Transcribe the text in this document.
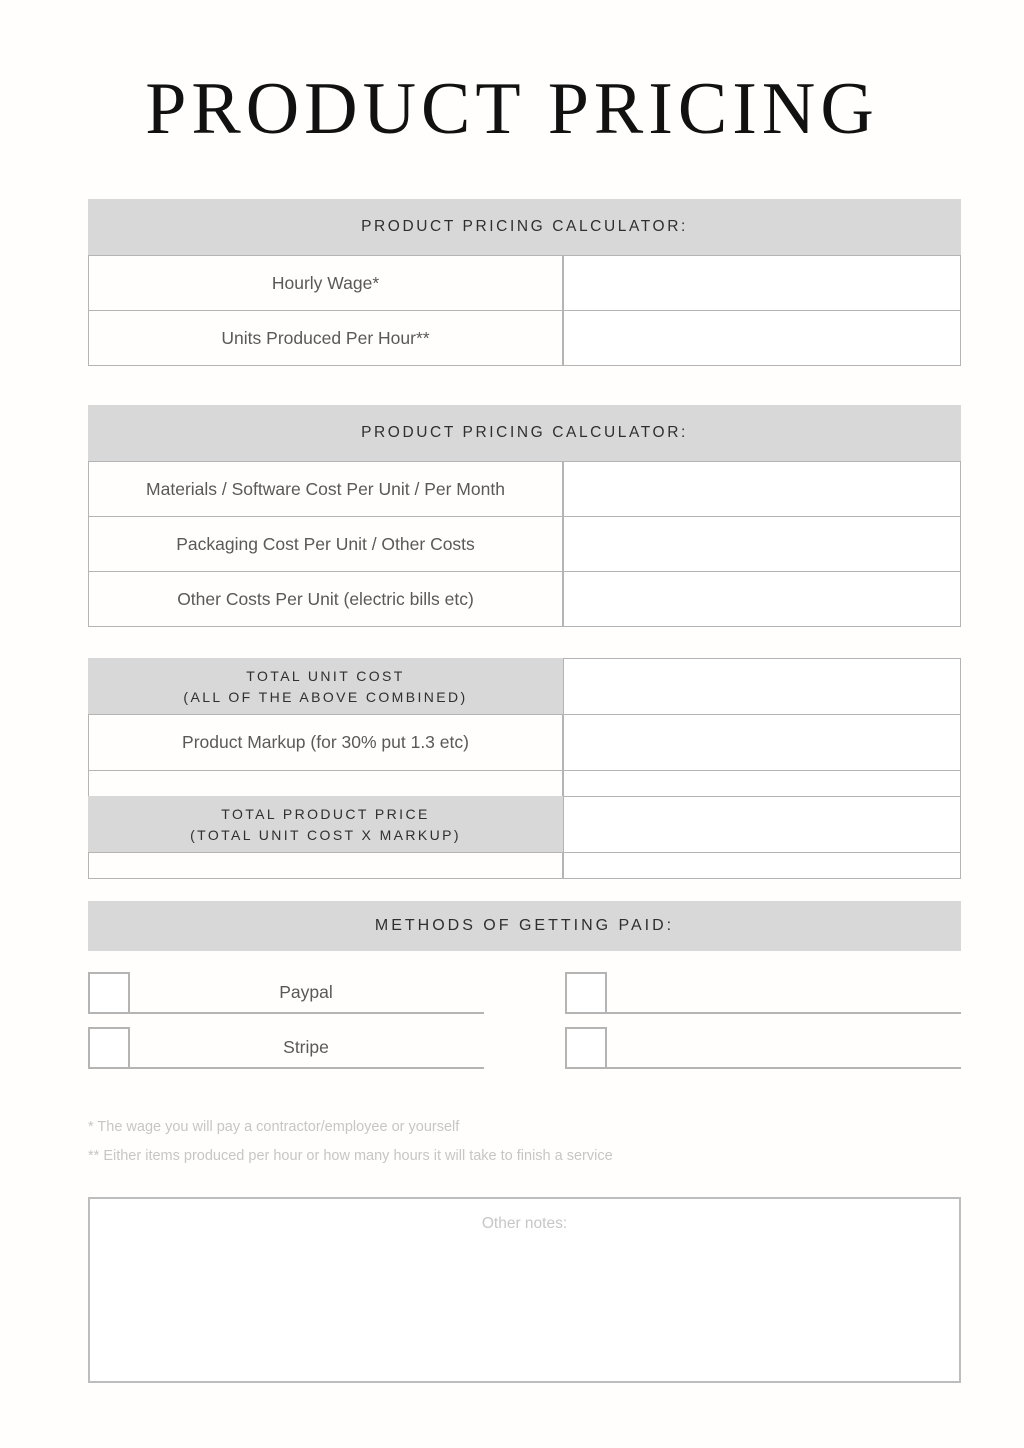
PRODUCT PRICING
PRODUCT PRICING CALCULATOR:
Hourly Wage*
Units Produced Per Hour**
PRODUCT PRICING CALCULATOR:
Materials / Software Cost Per Unit / Per Month
Packaging Cost Per Unit / Other Costs
Other Costs Per Unit (electric bills etc)
TOTAL UNIT COST
(ALL OF THE ABOVE COMBINED)
Product Markup (for 30% put 1.3 etc)
TOTAL PRODUCT PRICE
(TOTAL UNIT COST X MARKUP)
METHODS OF GETTING PAID:
Paypal
Stripe
* The wage you will pay a contractor/employee or yourself
** Either items produced per hour or how many hours it will take to finish a service
Other notes:
